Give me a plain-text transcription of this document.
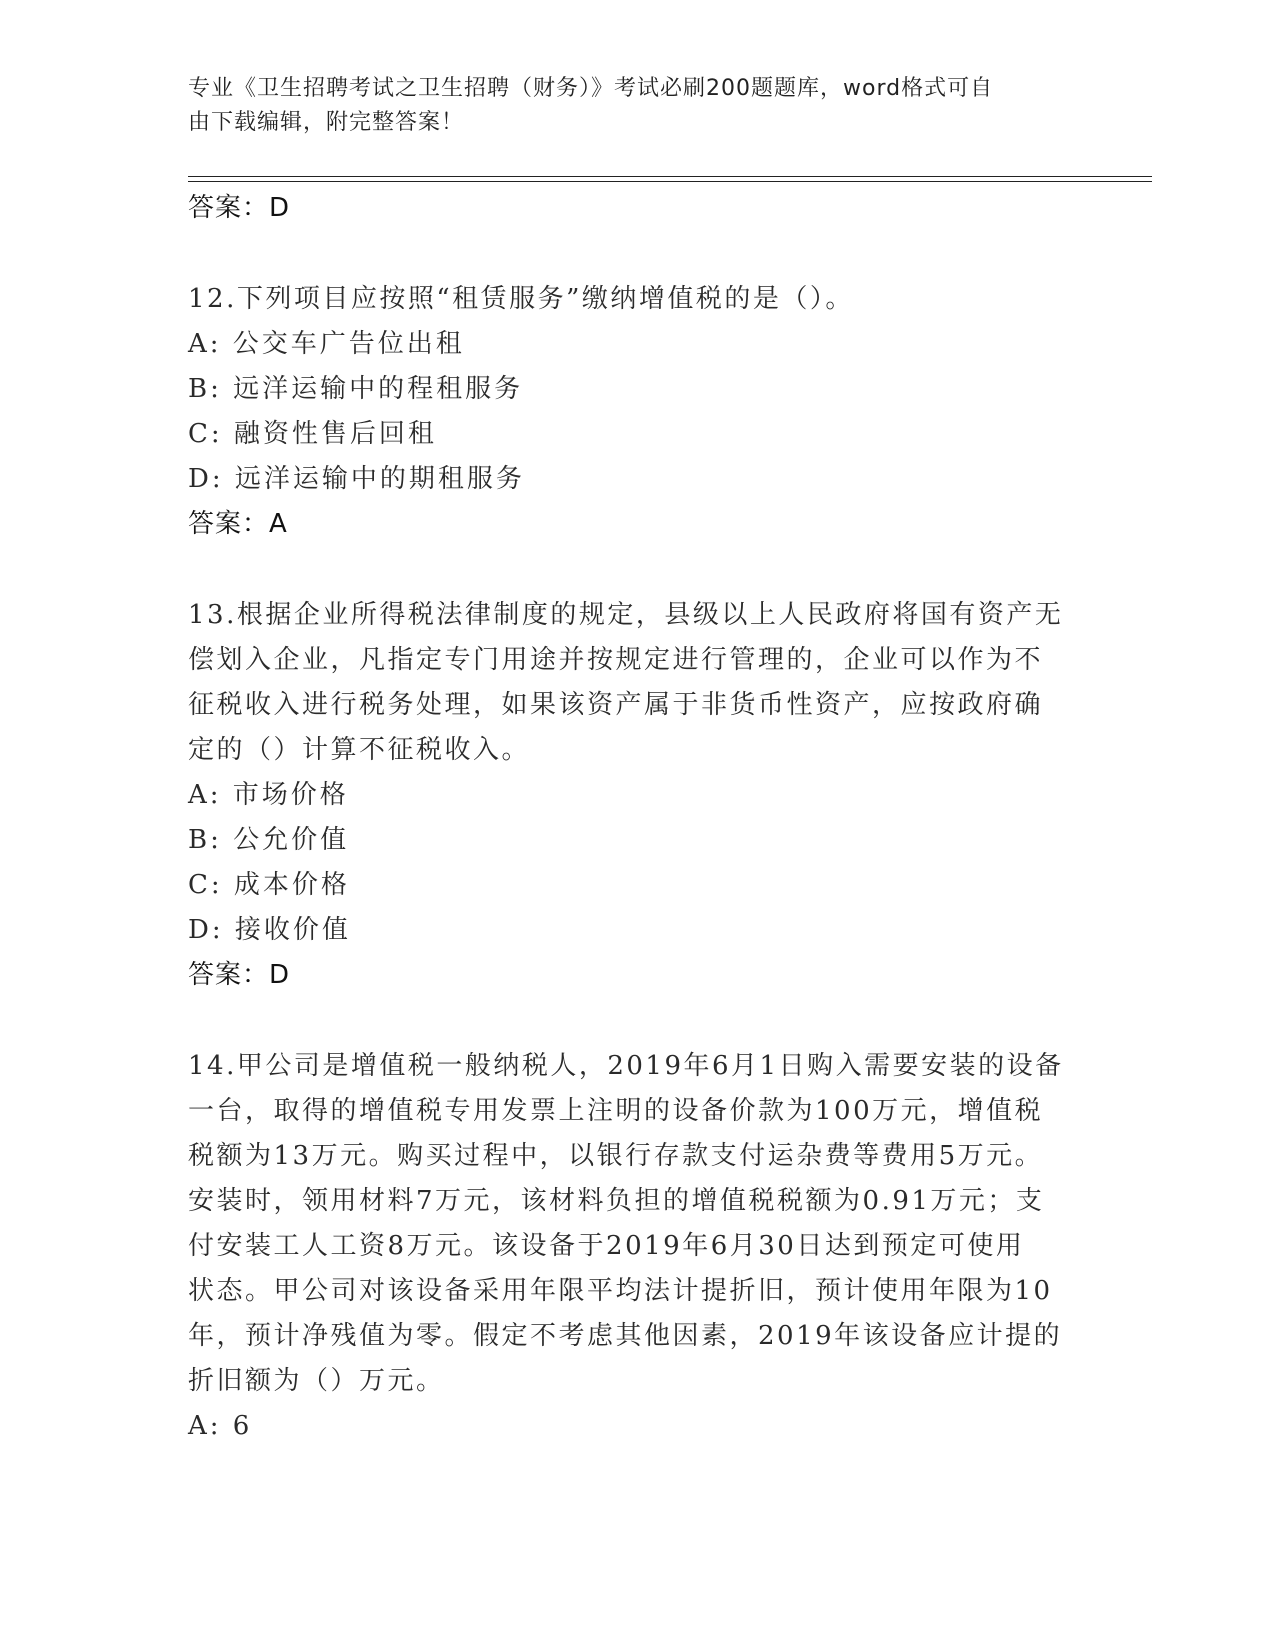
专业《卫生招聘考试之卫生招聘（财务）》考试必刷200题题库，word格式可自
由下载编辑，附完整答案！
答案：D
12.下列项目应按照“租赁服务”缴纳增值税的是（）。
A: 公交车广告位出租
B: 远洋运输中的程租服务
C: 融资性售后回租
D: 远洋运输中的期租服务
答案：A
13.根据企业所得税法律制度的规定，县级以上人民政府将国有资产无
偿划入企业，凡指定专门用途并按规定进行管理的，企业可以作为不
征税收入进行税务处理，如果该资产属于非货币性资产，应按政府确
定的（）计算不征税收入。
A: 市场价格
B: 公允价值
C: 成本价格
D: 接收价值
答案：D
14.甲公司是增值税一般纳税人，2019年6月1日购入需要安装的设备
一台，取得的增值税专用发票上注明的设备价款为100万元，增值税
税额为13万元。购买过程中，以银行存款支付运杂费等费用5万元。
安装时，领用材料7万元，该材料负担的增值税税额为0.91万元；支
付安装工人工资8万元。该设备于2019年6月30日达到预定可使用
状态。甲公司对该设备采用年限平均法计提折旧，预计使用年限为10
年，预计净残值为零。假定不考虑其他因素，2019年该设备应计提的
折旧额为（）万元。
A: 6
